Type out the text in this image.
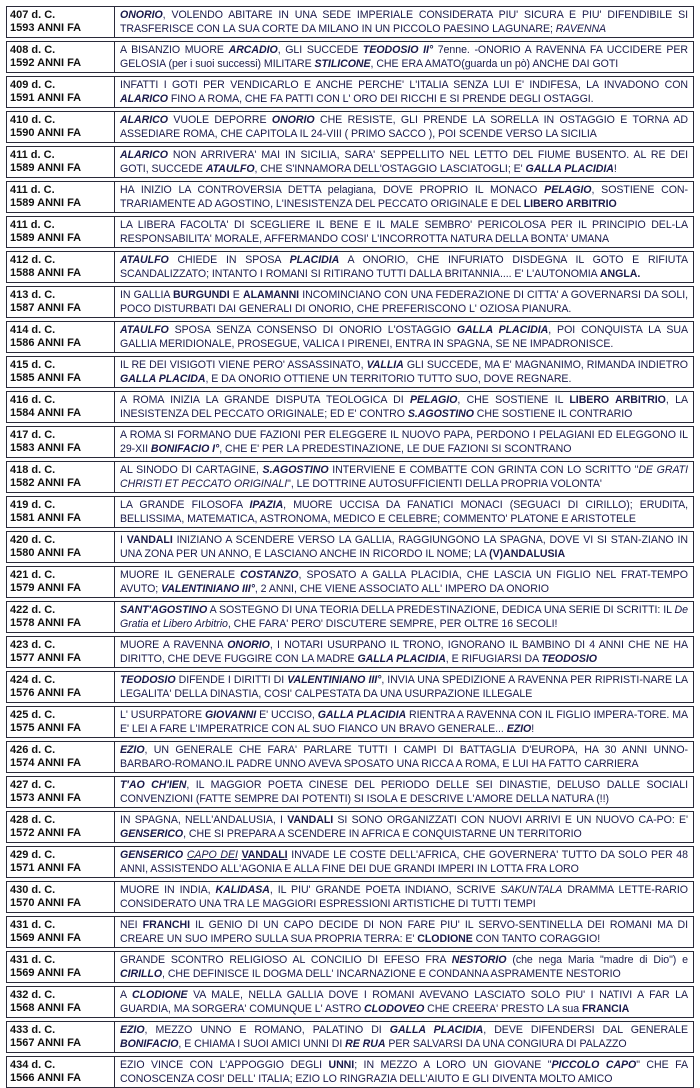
407 d. C.
1593 ANNI FA
ONORIO, VOLENDO ABITARE IN UNA SEDE IMPERIALE CONSIDERATA PIU' SICURA E PIU' DIFENDIBILE SI TRASFERISCE CON LA SUA CORTE DA MILANO IN UN PICCOLO PAESINO LAGUNARE; RAVENNA
408 d. C.
1592 ANNI FA
A BISANZIO MUORE ARCADIO, GLI SUCCEDE TEODOSIO II° 7enne. -ONORIO A RAVENNA FA UCCIDERE PER GELOSIA (per i suoi successi) MILITARE STILICONE, CHE ERA AMATO(guarda un pò) ANCHE DAI GOTI
409 d. C.
1591 ANNI FA
INFATTI I GOTI PER VENDICARLO E ANCHE PERCHE' L'ITALIA SENZA LUI E' INDIFESA, LA INVADONO CON ALARICO FINO A ROMA, CHE FA PATTI CON L' ORO DEI RICCHI E SI PRENDE DEGLI OSTAGGI.
410 d. C.
1590 ANNI FA
ALARICO VUOLE DEPORRE ONORIO CHE RESISTE, GLI PRENDE LA SORELLA IN OSTAGGIO E TORNA AD ASSEDIARE ROMA, CHE CAPITOLA IL 24-VIII ( PRIMO SACCO ), POI SCENDE VERSO LA SICILIA
411 d. C.
1589 ANNI FA
ALARICO NON ARRIVERA' MAI IN SICILIA, SARA' SEPPELLITO NEL LETTO DEL FIUME BUSENTO. AL RE DEI GOTI, SUCCEDE ATAULFO, CHE S'INNAMORA DELL'OSTAGGIO LASCIATOGLI; E' GALLA PLACIDIA!
411 d. C.
1589 ANNI FA
HA INIZIO LA CONTROVERSIA DETTA pelagiana, DOVE PROPRIO IL MONACO PELAGIO, SOSTIENE CON-TRARIAMENTE AD AGOSTINO, L'INESISTENZA DEL PECCATO ORIGINALE E DEL LIBERO ARBITRIO
411 d. C.
1589 ANNI FA
LA LIBERA FACOLTA' DI SCEGLIERE IL BENE E IL MALE SEMBRO' PERICOLOSA PER IL PRINCIPIO DEL-LA RESPONSABILITA' MORALE, AFFERMANDO COSI' L'INCORROTTA NATURA DELLA BONTA' UMANA
412 d. C.
1588 ANNI FA
ATAULFO CHIEDE IN SPOSA PLACIDIA A ONORIO, CHE INFURIATO DISDEGNA IL GOTO E RIFIUTA SCANDALIZZATO; INTANTO I ROMANI SI RITIRANO TUTTI DALLA BRITANNIA.... E' L'AUTONOMIA ANGLA.
413 d. C.
1587 ANNI FA
IN GALLIA BURGUNDI E ALAMANNI INCOMINCIANO CON UNA FEDERAZIONE DI CITTA' A GOVERNARSI DA SOLI, POCO DISTURBATI DAI GENERALI DI ONORIO, CHE PREFERISCONO L' OZIOSA PIANURA.
414 d. C.
1586 ANNI FA
ATAULFO SPOSA SENZA CONSENSO DI ONORIO L'OSTAGGIO GALLA PLACIDIA, POI CONQUISTA LA SUA GALLIA MERIDIONALE, PROSEGUE, VALICA I PIRENEI, ENTRA IN SPAGNA, SE NE IMPADRONISCE.
415 d. C.
1585 ANNI FA
IL RE DEI VISIGOTI VIENE PERO' ASSASSINATO, VALLIA GLI SUCCEDE, MA E' MAGNANIMO, RIMANDA INDIETRO GALLA PLACIDA, E DA ONORIO OTTIENE UN TERRITORIO TUTTO SUO, DOVE REGNARE.
416 d. C.
1584 ANNI FA
A ROMA INIZIA LA GRANDE DISPUTA TEOLOGICA DI PELAGIO, CHE SOSTIENE IL LIBERO ARBITRIO, LA INESISTENZA DEL PECCATO ORIGINALE; ED E' CONTRO S.AGOSTINO CHE SOSTIENE IL CONTRARIO
417 d. C.
1583 ANNI FA
A ROMA SI FORMANO DUE FAZIONI PER ELEGGERE IL NUOVO PAPA, PERDONO I PELAGIANI ED ELEGGONO IL 29-XII BONIFACIO I°, CHE E' PER LA PREDESTINAZIONE, LE DUE FAZIONI SI SCONTRANO
418 d. C.
1582 ANNI FA
AL SINODO DI CARTAGINE, S.AGOSTINO INTERVIENE E COMBATTE CON GRINTA CON LO SCRITTO "DE GRATI CHRISTI ET PECCATO ORIGINALI", LE DOTTRINE AUTOSUFFICIENTI DELLA PROPRIA VOLONTA'
419 d. C.
1581 ANNI FA
LA GRANDE FILOSOFA IPAZIA, MUORE UCCISA DA FANATICI MONACI (SEGUACI DI CIRILLO); ERUDITA, BELLISSIMA, MATEMATICA, ASTRONOMA, MEDICO E CELEBRE; COMMENTO' PLATONE E ARISTOTELE
420 d. C.
1580 ANNI FA
I VANDALI INIZIANO A SCENDERE VERSO LA GALLIA, RAGGIUNGONO LA SPAGNA, DOVE VI SI STAN-ZIANO IN UNA ZONA PER UN ANNO, E LASCIANO ANCHE IN RICORDO IL NOME; LA (V)ANDALUSIA
421 d. C.
1579 ANNI FA
MUORE IL GENERALE COSTANZO, SPOSATO A GALLA PLACIDIA, CHE LASCIA UN FIGLIO NEL FRAT-TEMPO AVUTO; VALENTINIANO III°, 2 ANNI, CHE VIENE ASSOCIATO ALL' IMPERO DA ONORIO
422 d. C.
1578 ANNI FA
SANT'AGOSTINO A SOSTEGNO DI UNA TEORIA DELLA PREDESTINAZIONE, DEDICA UNA SERIE DI SCRITTI: IL De Gratia et Libero Arbitrio, CHE FARA' PERO' DISCUTERE SEMPRE, PER OLTRE 16 SECOLI!
423 d. C.
1577 ANNI FA
MUORE A RAVENNA ONORIO, I NOTARI USURPANO IL TRONO, IGNORANO IL BAMBINO DI 4 ANNI CHE NE HA DIRITTO, CHE DEVE FUGGIRE CON LA MADRE GALLA PLACIDIA, E RIFUGIARSI DA TEODOSIO
424 d. C.
1576 ANNI FA
TEODOSIO DIFENDE I DIRITTI DI VALENTINIANO III°, INVIA UNA SPEDIZIONE A RAVENNA PER RIPRISTI-NARE LA LEGALITA' DELLA DINASTIA, COSI' CALPESTATA DA UNA USURPAZIONE ILLEGALE
425 d. C.
1575 ANNI FA
L' USURPATORE GIOVANNI E' UCCISO, GALLA PLACIDIA RIENTRA A RAVENNA CON IL FIGLIO IMPERA-TORE. MA E' LEI A FARE L'IMPERATRICE CON AL SUO FIANCO UN BRAVO GENERALE... EZIO!
426 d. C.
1574 ANNI FA
EZIO, UN GENERALE CHE FARA' PARLARE TUTTI I CAMPI DI BATTAGLIA D'EUROPA, HA 30 ANNI UNNO-BARBARO-ROMANO.IL PADRE UNNO AVEVA SPOSATO UNA RICCA A ROMA, E LUI HA FATTO CARRIERA
427 d. C.
1573 ANNI FA
T'AO CH'IEN, IL MAGGIOR POETA CINESE DEL PERIODO DELLE SEI DINASTIE, DELUSO DALLE SOCIALI CONVENZIONI (FATTE SEMPRE DAI POTENTI) SI ISOLA E DESCRIVE L'AMORE DELLA NATURA (!!)
428 d. C.
1572 ANNI FA
IN SPAGNA, NELL'ANDALUSIA, I VANDALI SI SONO ORGANIZZATI CON NUOVI ARRIVI E UN NUOVO CA-PO: E' GENSERICO, CHE SI PREPARA A SCENDERE IN AFRICA E CONQUISTARNE UN TERRITORIO
429 d. C.
1571 ANNI FA
GENSERICO CAPO DEI VANDALI INVADE LE COSTE DELL'AFRICA, CHE GOVERNERA' TUTTO DA SOLO PER 48 ANNI, ASSISTENDO ALL'AGONIA E ALLA FINE DEI DUE GRANDI IMPERI IN LOTTA FRA LORO
430 d. C.
1570 ANNI FA
MUORE IN INDIA, KALIDASA, IL PIU' GRANDE POETA INDIANO, SCRIVE SAKUNTALA DRAMMA LETTE-RARIO CONSIDERATO UNA TRA LE MAGGIORI ESPRESSIONI ARTISTICHE DI TUTTI TEMPI
431 d. C.
1569 ANNI FA
NEI FRANCHI IL GENIO DI UN CAPO DECIDE DI NON FARE PIU' IL SERVO-SENTINELLA DEI ROMANI MA DI CREARE UN SUO IMPERO SULLA SUA PROPRIA TERRA: E' CLODIONE CON TANTO CORAGGIO!
431 d. C.
1569 ANNI FA
GRANDE SCONTRO RELIGIOSO AL CONCILIO DI EFESO FRA NESTORIO (che nega Maria "madre di Dio") e CIRILLO, CHE DEFINISCE IL DOGMA DELL' INCARNAZIONE E CONDANNA ASPRAMENTE NESTORIO
432 d. C.
1568 ANNI FA
A CLODIONE VA MALE, NELLA GALLIA DOVE I ROMANI AVEVANO LASCIATO SOLO PIU' I NATIVI A FAR LA GUARDIA, MA SORGERA' COMUNQUE L' ASTRO CLODOVEO CHE CREERA' PRESTO LA sua FRANCIA
433 d. C.
1567 ANNI FA
EZIO, MEZZO UNNO E ROMANO, PALATINO DI GALLA PLACIDIA, DEVE DIFENDERSI DAL GENERALE BONIFACIO, E CHIAMA I SUOI AMICI UNNI DI RE RUA PER SALVARSI DA UNA CONGIURA DI PALAZZO
434 d. C.
1566 ANNI FA
EZIO VINCE CON L'APPOGGIO DEGLI UNNI; IN MEZZO A LORO UN GIOVANE "PICCOLO CAPO" CHE FA CONOSCENZA COSI' DELL' ITALIA; EZIO LO RINGRAZIA DELL'AIUTO E GLI DIVENTA MOLTO AMICO
